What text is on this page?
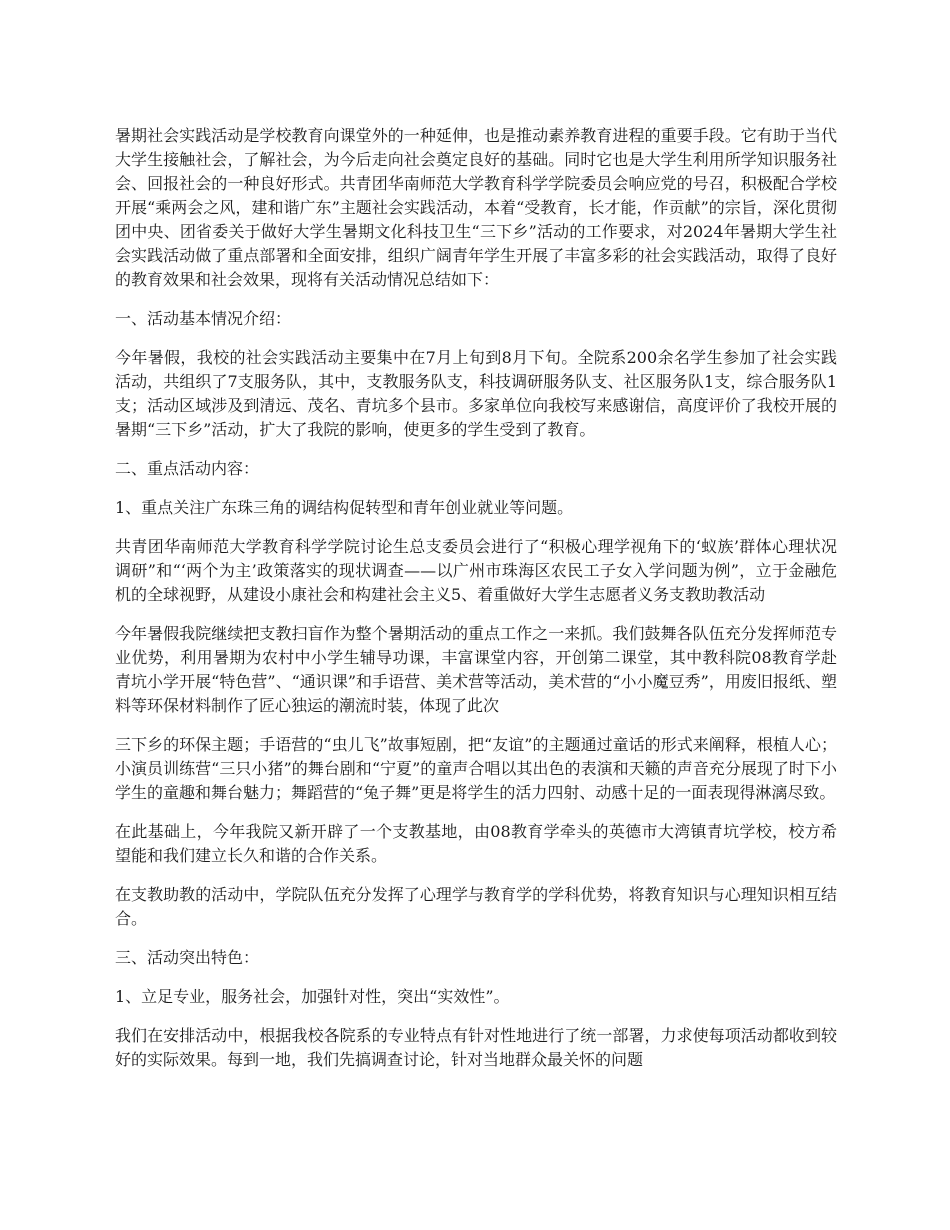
暑期社会实践活动是学校教育向课堂外的一种延伸，也是推动素养教育进程的重要手段。它有助于当代大学生接触社会，了解社会，为今后走向社会奠定良好的基础。同时它也是大学生利用所学知识服务社会、回报社会的一种良好形式。共青团华南师范大学教育科学学院委员会响应党的号召，积极配合学校开展“乘两会之风，建和谐广东”主题社会实践活动，本着“受教育，长才能，作贡献”的宗旨，深化贯彻团中央、团省委关于做好大学生暑期文化科技卫生“三下乡”活动的工作要求，对2024年暑期大学生社会实践活动做了重点部署和全面安排，组织广阔青年学生开展了丰富多彩的社会实践活动，取得了良好的教育效果和社会效果，现将有关活动情况总结如下：

一、活动基本情况介绍：

今年暑假，我校的社会实践活动主要集中在7月上旬到8月下旬。全院系200余名学生参加了社会实践活动，共组织了7支服务队，其中，支教服务队支，科技调研服务队支、社区服务队1支，综合服务队1支；活动区域涉及到清远、茂名、青坑多个县市。多家单位向我校写来感谢信，高度评价了我校开展的暑期“三下乡”活动，扩大了我院的影响，使更多的学生受到了教育。

二、重点活动内容：

1、重点关注广东珠三角的调结构促转型和青年创业就业等问题。

共青团华南师范大学教育科学学院讨论生总支委员会进行了“积极心理学视角下的‘蚁族’群体心理状况调研”和“‘两个为主’政策落实的现状调查——以广州市珠海区农民工子女入学问题为例”，立于金融危机的全球视野，从建设小康社会和构建社会主义5、着重做好大学生志愿者义务支教助教活动

今年暑假我院继续把支教扫盲作为整个暑期活动的重点工作之一来抓。我们鼓舞各队伍充分发挥师范专业优势，利用暑期为农村中小学生辅导功课，丰富课堂内容，开创第二课堂，其中教科院08教育学赴青坑小学开展“特色营”、“通识课”和手语营、美术营等活动，美术营的“小小魔豆秀”，用废旧报纸、塑料等环保材料制作了匠心独运的潮流时装，体现了此次

三下乡的环保主题；手语营的“虫儿飞”故事短剧，把“友谊”的主题通过童话的形式来阐释，根植人心；小演员训练营“三只小猪”的舞台剧和“宁夏”的童声合唱以其出色的表演和天籁的声音充分展现了时下小学生的童趣和舞台魅力；舞蹈营的“兔子舞”更是将学生的活力四射、动感十足的一面表现得淋漓尽致。

在此基础上，今年我院又新开辟了一个支教基地，由08教育学牵头的英德市大湾镇青坑学校，校方希望能和我们建立长久和谐的合作关系。

在支教助教的活动中，学院队伍充分发挥了心理学与教育学的学科优势，将教育知识与心理知识相互结合。

三、活动突出特色：

1、立足专业，服务社会，加强针对性，突出“实效性”。

我们在安排活动中，根据我校各院系的专业特点有针对性地进行了统一部署，力求使每项活动都收到较好的实际效果。每到一地，我们先搞调查讨论，针对当地群众最关怀的问题
